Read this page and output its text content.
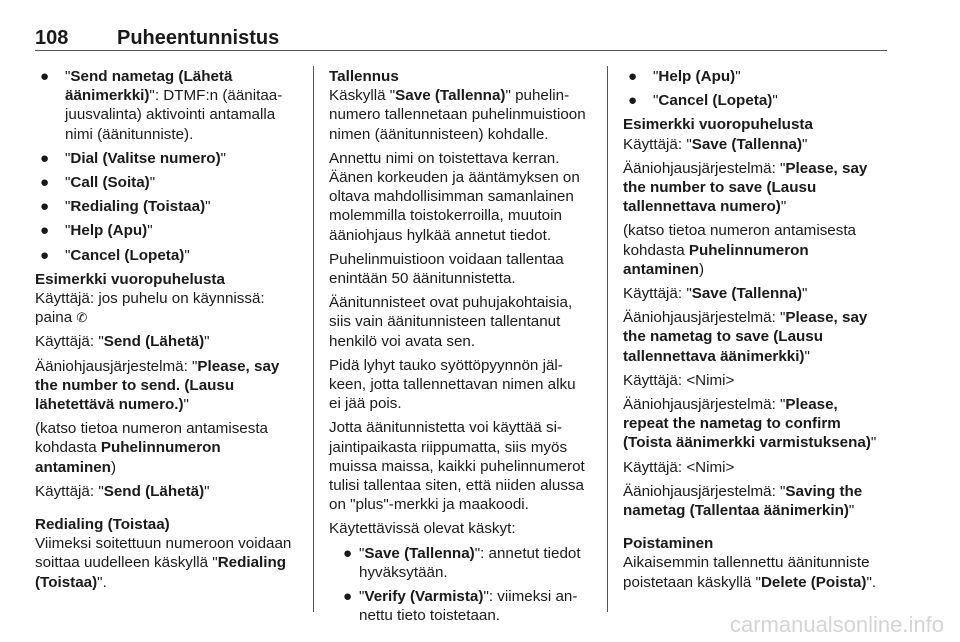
108 Puheentunnistus
● "Send nametag (Lähetä äänimerkki)": DTMF:n (äänitaajuusvalinta) aktivointi antamalla nimi (äänitunniste).
● "Dial (Valitse numero)"
● "Call (Soita)"
● "Redialing (Toistaa)"
● "Help (Apu)"
● "Cancel (Lopeta)"
Esimerkki vuoropuhelusta

Käyttäjä: jos puhelu on käynnissä: paina ✆

Käyttäjä: "Send (Lähetä)"

Ääniohjausjärjestelmä: "Please, say the number to send. (Lausu lähetettävä numero.)"

(katso tietoa numeron antamisesta kohdasta Puhelinnumeron antaminen)

Käyttäjä: "Send (Lähetä)"

Redialing (Toistaa)

Viimeksi soitettuun numeroon voidaan soittaa uudelleen käskyllä "Redialing (Toistaa)".

Tallennus

Käskyllä "Save (Tallenna)" puhelinnumero tallennetaan puhelinmuistioon nimen (äänitunnisteen) kohdalle.

Annettu nimi on toistettava kerran. Äänen korkeuden ja ääntämyksen on oltava mahdollisimman samanlainen molemmilla toistokerroilla, muutoin ääniohjaus hylkää annetut tiedot.

Puhelinmuistioon voidaan tallentaa enintään 50 äänitunnistetta.

Äänitunnisteet ovat puhujakohtaisia, siis vain äänitunnisteen tallentanut henkilö voi avata sen.

Pidä lyhyt tauko syöttöpyynnön jälkeen, jotta tallennettavan nimen alku ei jää pois.

Jotta äänitunnistetta voi käyttää sijaintipaikasta riippumatta, siis myös muissa maissa, kaikki puhelinnumerot tulisi tallentaa siten, että niiden alussa on "plus"-merkki ja maakoodi.

Käytettävissä olevat käskyt:

● "Save (Tallenna)": annetut tiedot hyväksytään.
● "Verify (Varmista)": viimeksi annettu tieto toistetaan.
● "Help (Apu)"
● "Cancel (Lopeta)"
Esimerkki vuoropuhelusta

Käyttäjä: "Save (Tallenna)"

Ääniohjausjärjestelmä: "Please, say the number to save (Lausu tallennettava numero)"

(katso tietoa numeron antamisesta kohdasta Puhelinnumeron antaminen)

Käyttäjä: "Save (Tallenna)"

Ääniohjausjärjestelmä: "Please, say the nametag to save (Lausu tallennettava äänimerkki)"

Käyttäjä: <Nimi>

Ääniohjausjärjestelmä: "Please, repeat the nametag to confirm (Toista äänimerkki varmistuksena)"

Käyttäjä: <Nimi>

Ääniohjausjärjestelmä: "Saving the nametag (Tallentaa äänimerkin)"

Poistaminen

Aikaisemmin tallennettu äänitunniste poistetaan käskyllä "Delete (Poista)".

carmanualsonline.info
